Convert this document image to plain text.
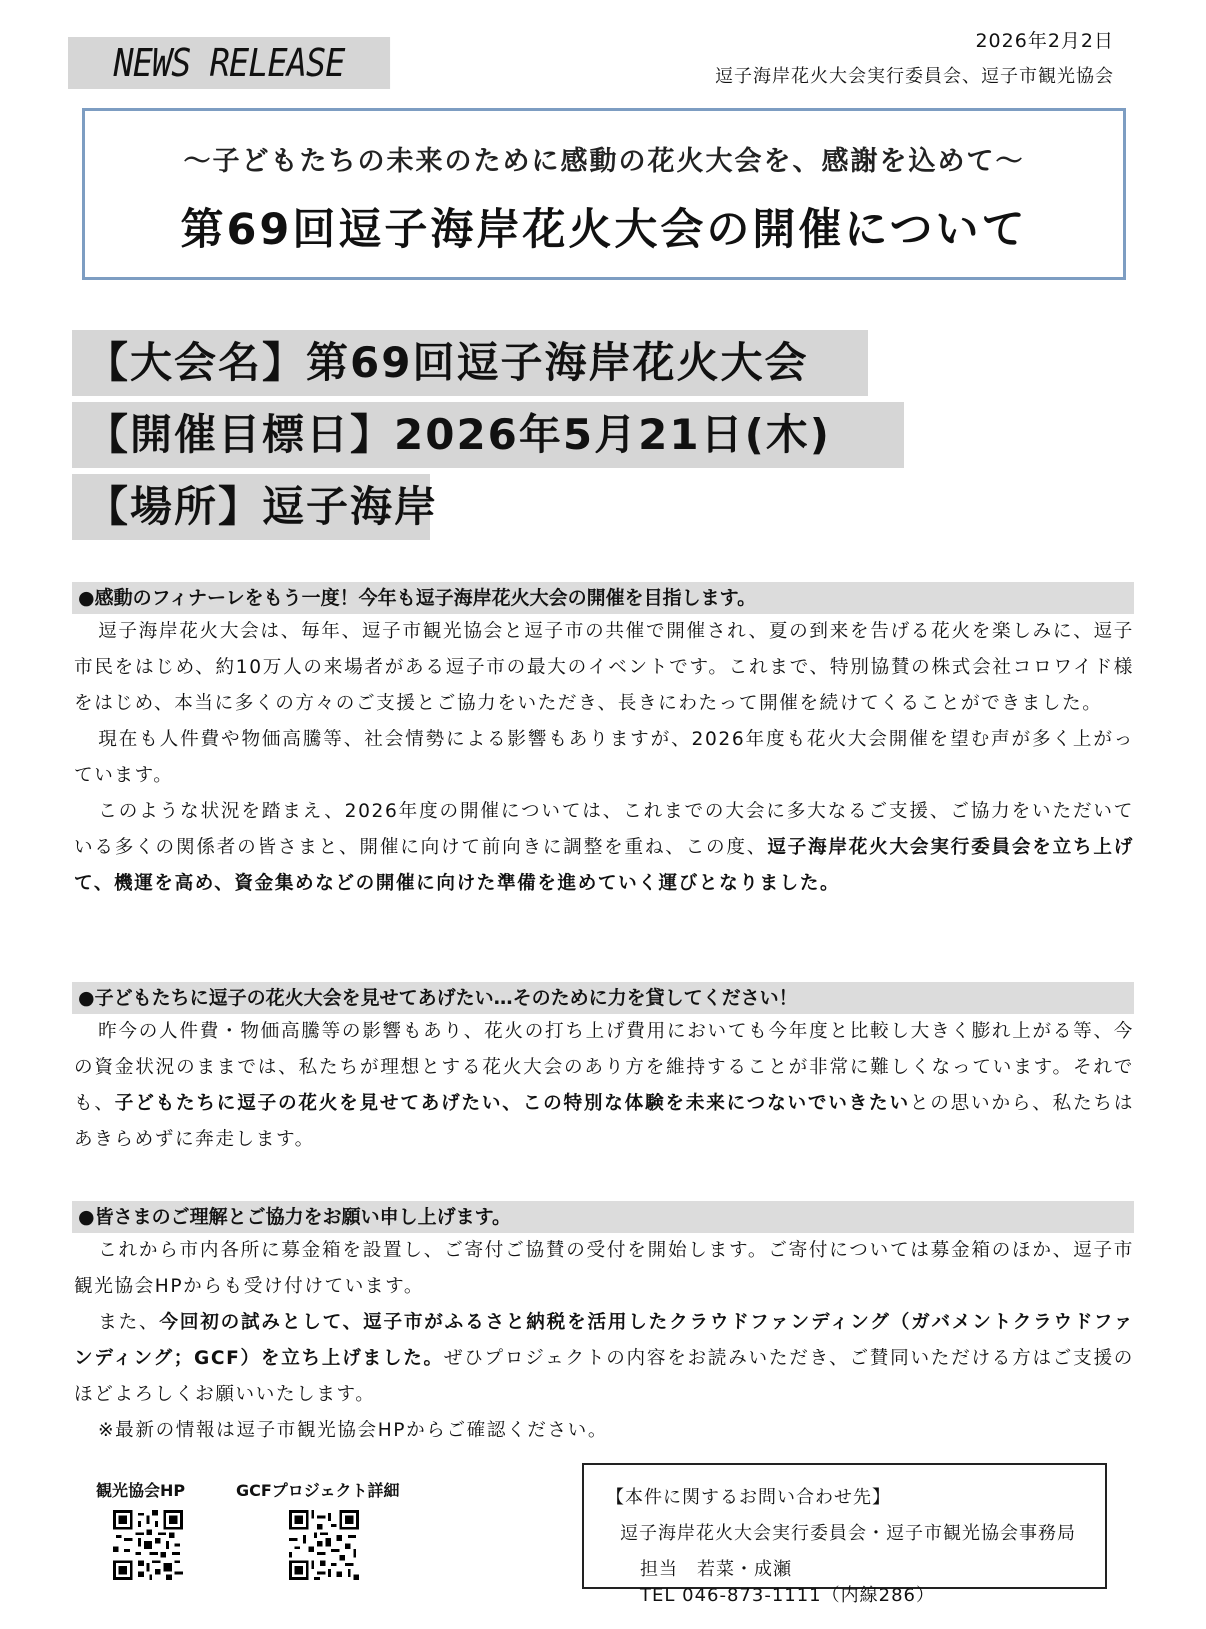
NEWS RELEASE	2026年2月2日
逗子海岸花火大会実行委員会、逗子市観光協会
～子どもたちの未来のために感動の花火大会を、感謝を込めて～
第69回逗子海岸花火大会の開催について
【大会名】第69回逗子海岸花火大会
【開催目標日】2026年5月21日(木)
【場所】逗子海岸
●感動のフィナーレをもう一度！今年も逗子海岸花火大会の開催を目指します。

逗子海岸花火大会は、毎年、逗子市観光協会と逗子市の共催で開催され、夏の到来を告げる花火を楽しみに、逗子市民をはじめ、約10万人の来場者がある逗子市の最大のイベントです。これまで、特別協賛の株式会社コロワイド様をはじめ、本当に多くの方々のご支援とご協力をいただき、長きにわたって開催を続けてくることができました。
現在も人件費や物価高騰等、社会情勢による影響もありますが、2026年度も花火大会開催を望む声が多く上がっています。
このような状況を踏まえ、2026年度の開催については、これまでの大会に多大なるご支援、ご協力をいただいている多くの関係者の皆さまと、開催に向けて前向きに調整を重ね、この度、逗子海岸花火大会実行委員会を立ち上げて、機運を高め、資金集めなどの開催に向けた準備を進めていく運びとなりました。

●子どもたちに逗子の花火大会を見せてあげたい…そのために力を貸してください！

昨今の人件費・物価高騰等の影響もあり、花火の打ち上げ費用においても今年度と比較し大きく膨れ上がる等、今の資金状況のままでは、私たちが理想とする花火大会のあり方を維持することが非常に難しくなっています。それでも、子どもたちに逗子の花火を見せてあげたい、この特別な体験を未来につないでいきたいとの思いから、私たちはあきらめずに奔走します。

●皆さまのご理解とご協力をお願い申し上げます。

これから市内各所に募金箱を設置し、ご寄付ご協賛の受付を開始します。ご寄付については募金箱のほか、逗子市観光協会HPからも受け付けています。
また、今回初の試みとして、逗子市がふるさと納税を活用したクラウドファンディング（ガバメントクラウドファンディング；GCF）を立ち上げました。ぜひプロジェクトの内容をお読みいただき、ご賛同いただける方はご支援のほどよろしくお願いいたします。
※最新の情報は逗子市観光協会HPからご確認ください。

観光協会HP	GCFプロジェクト詳細	【本件に関するお問い合わせ先】
逗子海岸花火大会実行委員会・逗子市観光協会事務局
担当　若菜・成瀬TEL 046-873-1111（内線286）
